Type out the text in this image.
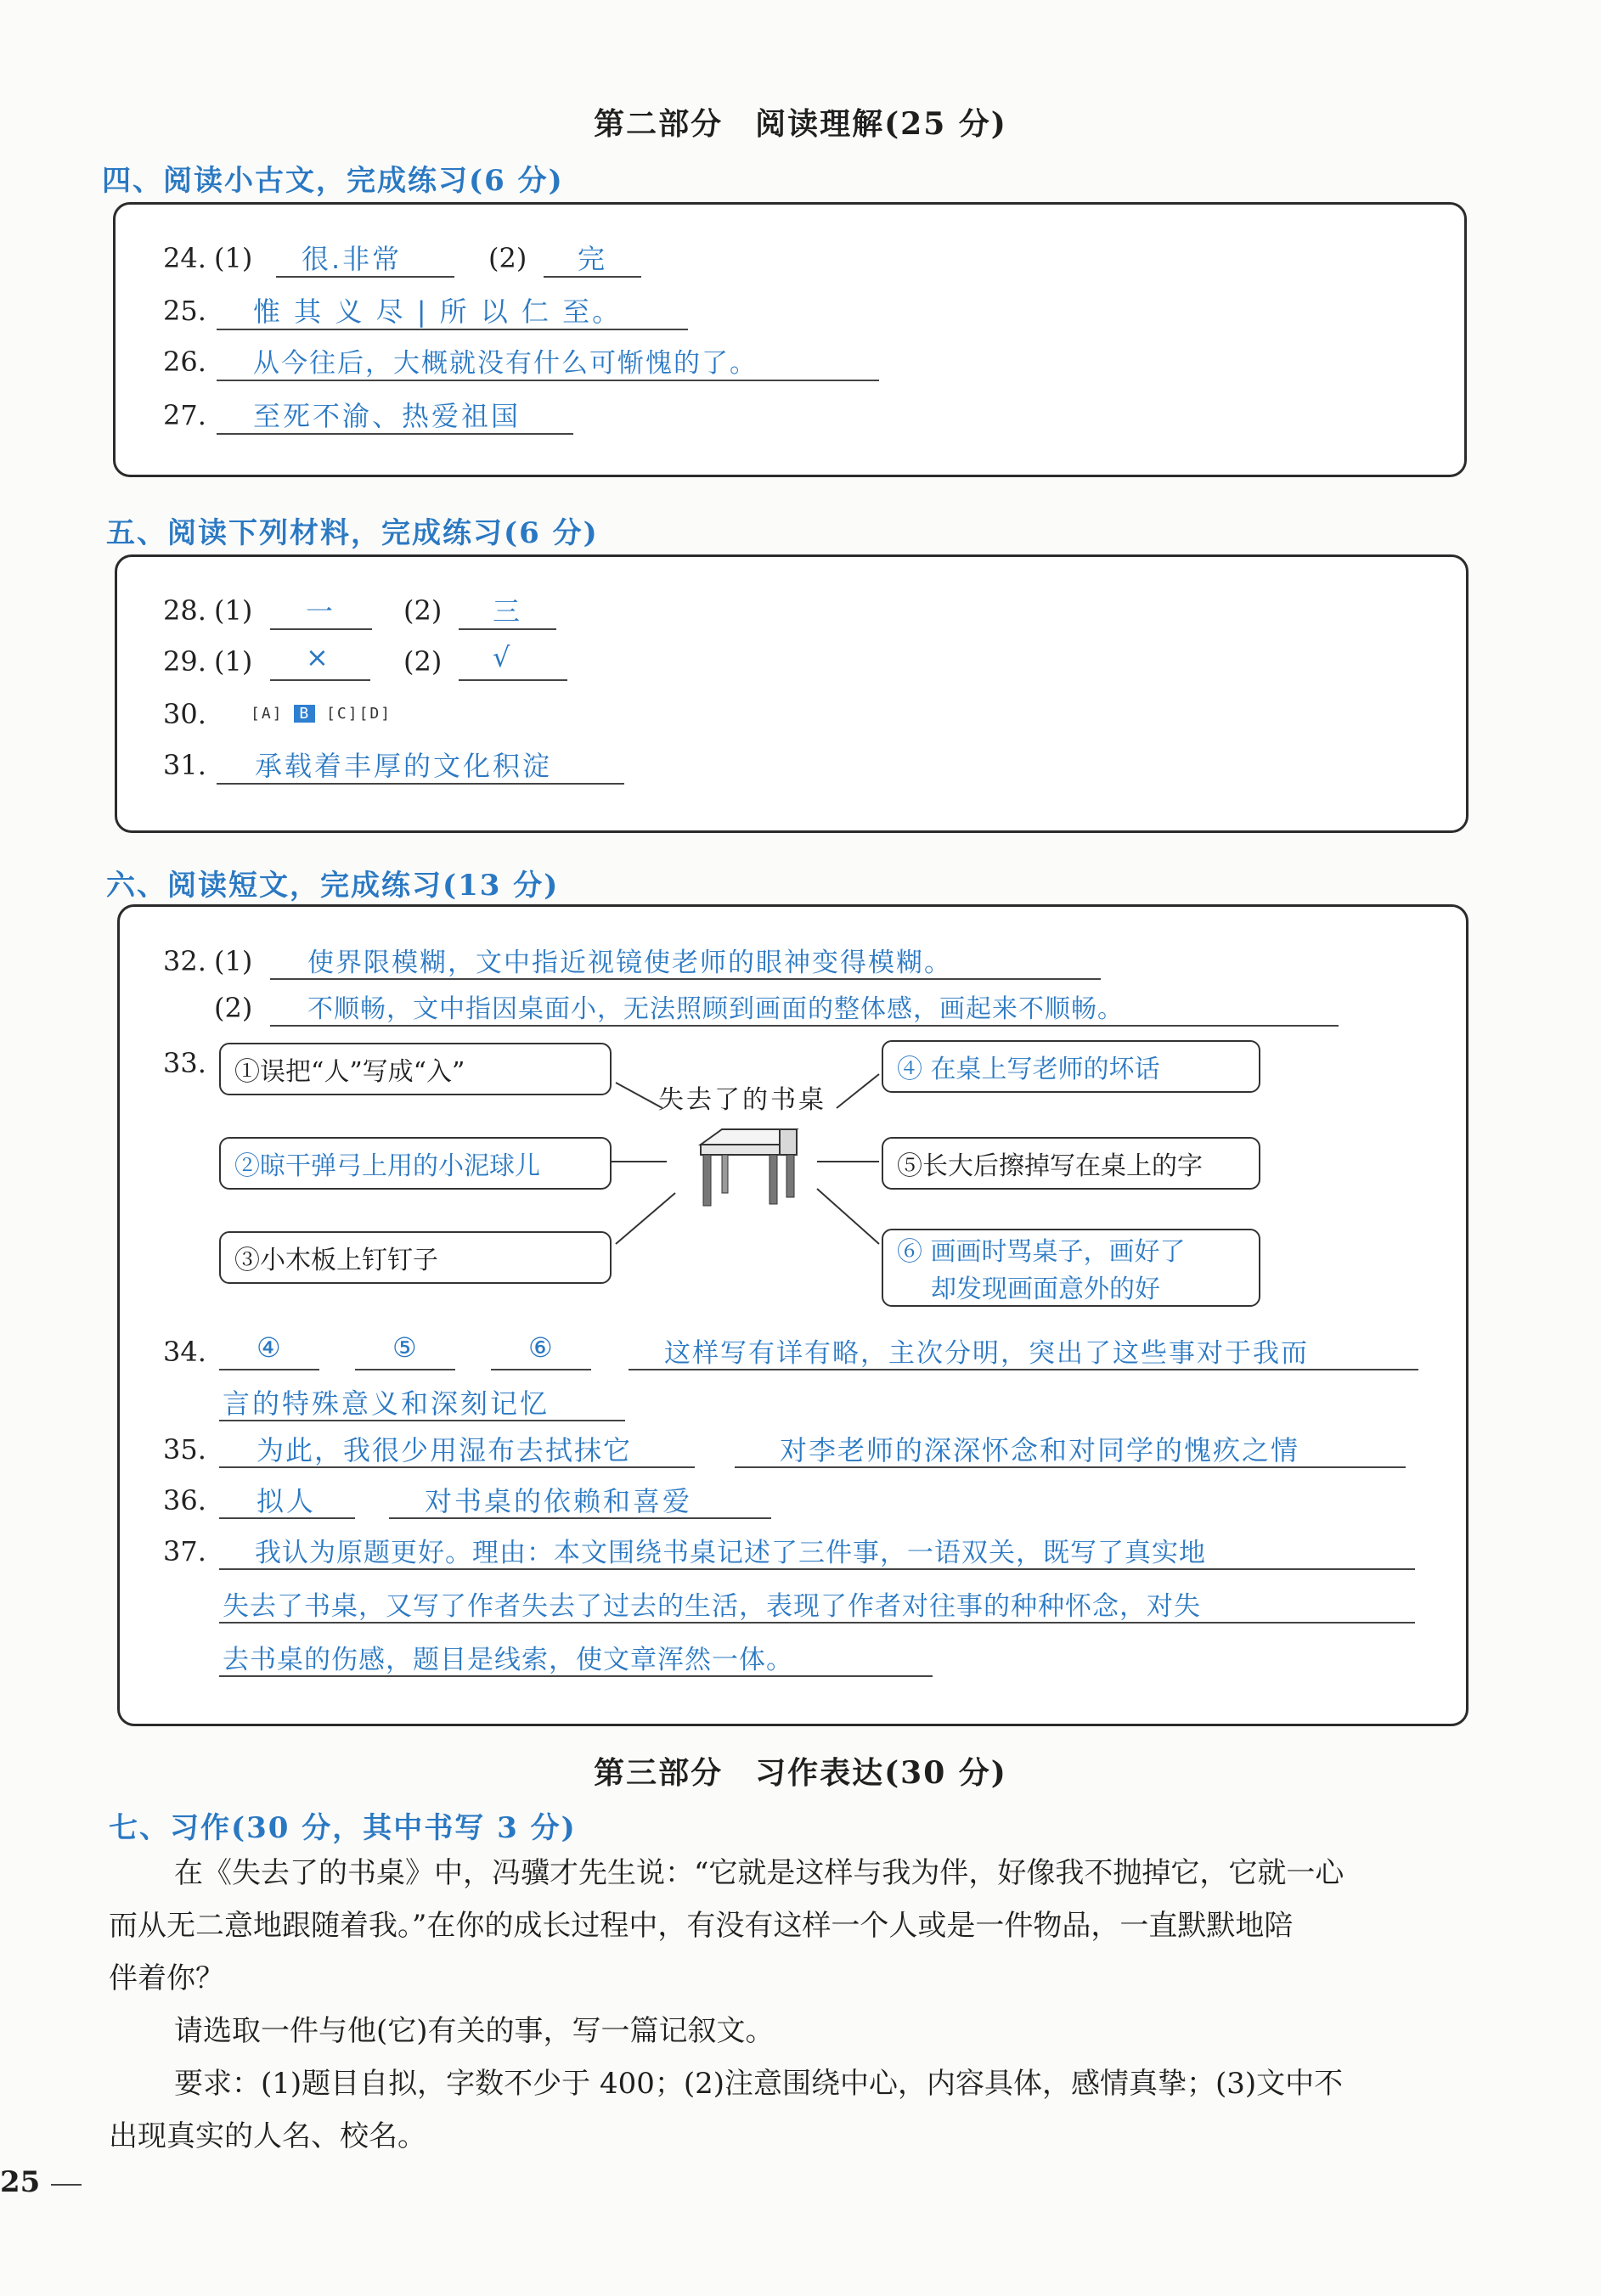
第二部分　阅读理解(25 分)
四、阅读小古文，完成练习(6 分)
24. (1) 很.非常	(2) 完
25. 惟 其 义 尽 | 所 以 仁 至。
26. 从今往后，大概就没有什么可惭愧的了。
27. 至死不渝、热爱祖国
五、阅读下列材料，完成练习(6 分)
28. (1) 一 (2) 三
29. (1) ×	(2) √
30.	[A] B [C][D]
31. 承载着丰厚的文化积淀
六、阅读短文，完成练习(13 分)
32. (1) 使界限模糊，文中指近视镜使老师的眼神变得模糊。
(2) 不顺畅，文中指因桌面小，无法照顾到画面的整体感，画起来不顺畅。
33. ①误把“人”写成“入”
②晾干弹弓上用的小泥球儿
③小木板上钉钉子
失去了的书桌
④ 在桌上写老师的坏话
⑤长大后擦掉写在桌上的字
⑥ 画画时骂桌子，画好了
却发现画面意外的好
34. ④	⑤	⑥	这样写有详有略，主次分明，突出了这些事对于我而
言的特殊意义和深刻记忆
35. 为此，我很少用湿布去拭抹它	对李老师的深深怀念和对同学的愧疚之情
36. 拟人	对书桌的依赖和喜爱
37. 我认为原题更好。理由：本文围绕书桌记述了三件事，一语双关，既写了真实地
失去了书桌，又写了作者失去了过去的生活，表现了作者对往事的种种怀念，对失
去书桌的伤感，题目是线索，使文章浑然一体。
第三部分　习作表达(30 分)
七、习作(30 分，其中书写 3 分)
在《失去了的书桌》中，冯骥才先生说：“它就是这样与我为伴，好像我不抛掉它，它就一心
而从无二意地跟随着我。”在你的成长过程中，有没有这样一个人或是一件物品，一直默默地陪
伴着你？
请选取一件与他(它)有关的事，写一篇记叙文。
要求：(1)题目自拟，字数不少于 400；(2)注意围绕中心，内容具体，感情真挚；(3)文中不
出现真实的人名、校名。
25
